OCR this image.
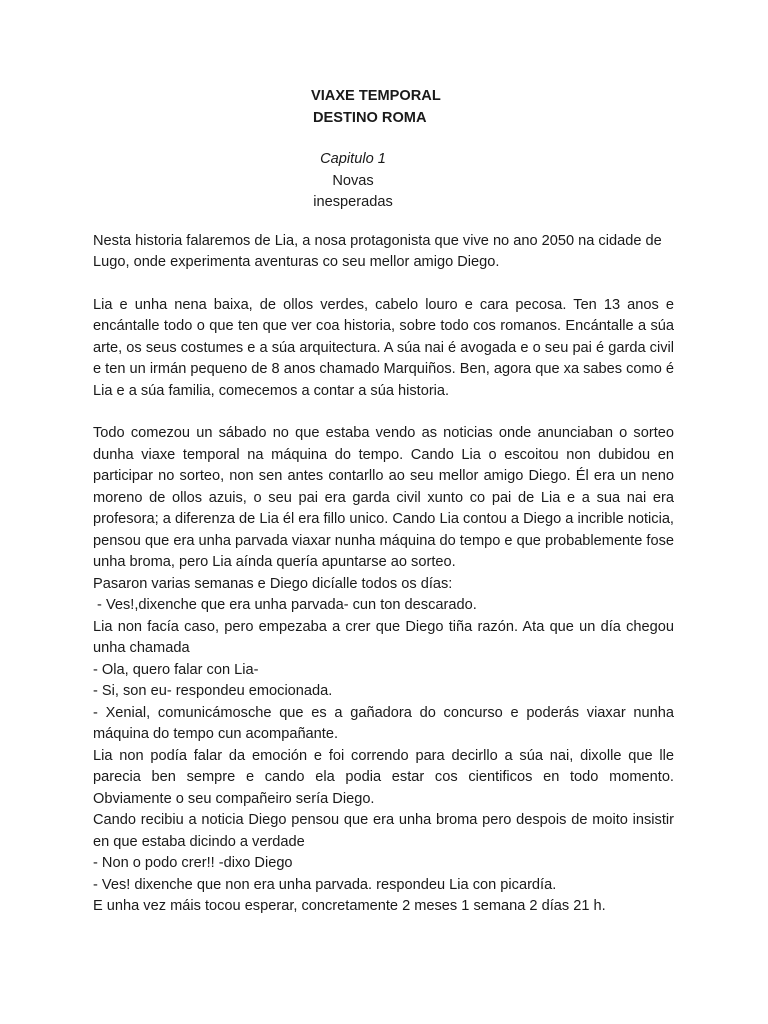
VIAXE TEMPORAL
DESTINO ROMA
Capitulo 1
Novas inesperadas

Nesta historia falaremos de Lia, a nosa protagonista que vive no ano 2050 na cidade de Lugo, onde experimenta aventuras co seu mellor amigo Diego.

Lia e unha nena baixa, de ollos verdes, cabelo louro e cara pecosa. Ten 13 anos e encántalle todo o que ten que ver coa historia, sobre todo cos romanos. Encántalle a súa arte, os seus costumes e a súa arquitectura. A súa nai é avogada e o seu pai é garda civil e ten un irmán pequeno de 8 anos chamado Marquiños. Ben, agora que xa sabes como é Lia e a súa familia, comecemos a contar a súa historia.

Todo comezou un sábado no que estaba vendo as noticias onde anunciaban o sorteo dunha viaxe temporal na máquina do tempo. Cando Lia o escoitou non dubidou en participar no sorteo, non sen antes contarllo ao seu mellor amigo Diego. Él era un neno moreno de ollos azuis, o seu pai era garda civil xunto co pai de Lia e a sua nai era profesora; a diferenza de Lia él era fillo unico. Cando Lia contou a Diego a incrible noticia, pensou que era unha parvada viaxar nunha máquina do tempo e que probablemente fose unha broma, pero Lia aínda quería apuntarse ao sorteo.

Pasaron varias semanas e Diego dicíalle todos os días:

- Ves!,dixenche que era unha parvada- cun ton descarado.

Lia non facía caso, pero empezaba a crer que Diego tiña razón. Ata que un día chegou unha chamada

- Ola, quero falar con Lia-

- Si, son eu- respondeu emocionada.

- Xenial, comunicámosche que es a gañadora do concurso e poderás viaxar nunha máquina do tempo cun acompañante.

Lia non podía falar da emoción e foi correndo para decirllo a súa nai, dixolle que lle parecia ben sempre e cando ela podia estar cos cientificos en todo momento. Obviamente o seu compañeiro sería Diego.

Cando recibiu a noticia Diego pensou que era unha broma pero despois de moito insistir en que estaba dicindo a verdade

- Non o podo crer!! -dixo Diego

- Ves! dixenche que non era unha parvada. respondeu Lia con picardía.

E unha vez máis tocou esperar, concretamente 2 meses 1 semana 2 días 21 h.
